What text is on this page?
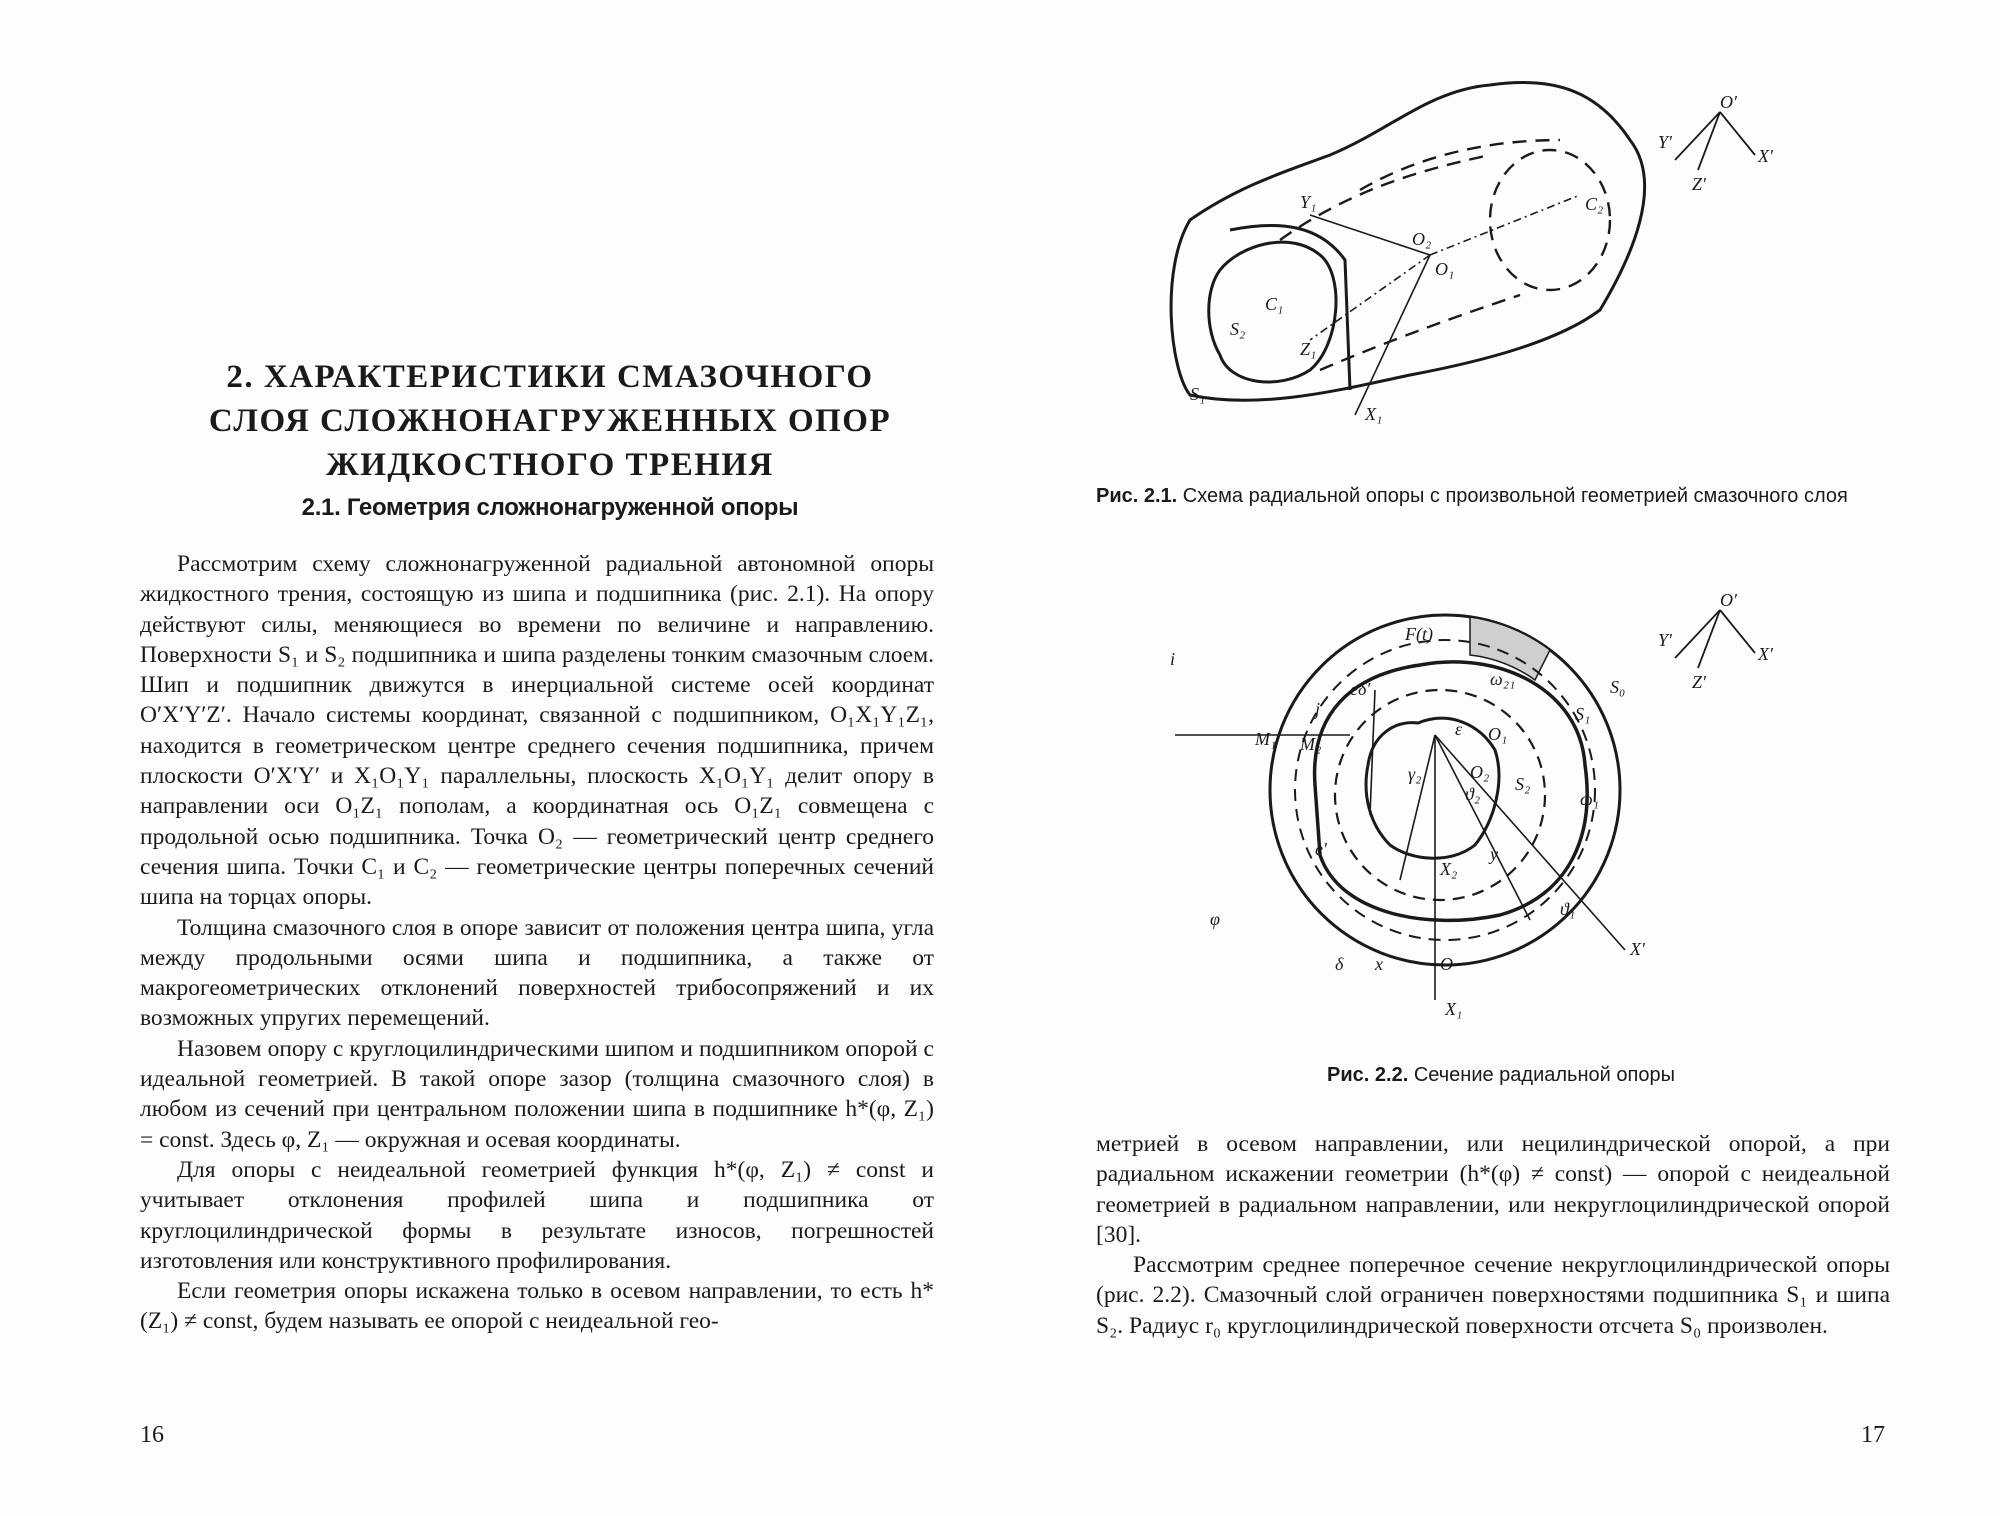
2. ХАРАКТЕРИСТИКИ СМАЗОЧНОГО
СЛОЯ СЛОЖНОНАГРУЖЕННЫХ ОПОР
ЖИДКОСТНОГО ТРЕНИЯ
2.1. Геометрия сложнонагруженной опоры

Рассмотрим схему сложнонагруженной радиальной автономной опоры жидкостного трения, состоящую из шипа и подшипника (рис. 2.1). На опору действуют силы, меняющиеся во времени по величине и направлению. Поверхности S₁ и S₂ подшипника и шипа разделены тонким смазочным слоем. Шип и подшипник движутся в инерциальной системе осей координат O′X′Y′Z′. Начало системы координат, связанной с подшипником, O₁X₁Y₁Z₁, находится в геометрическом центре среднего сечения подшипника, причем плоскости O′X′Y′ и X₁O₁Y₁ параллельны, плоскость X₁O₁Y₁ делит опору в направлении оси O₁Z₁ пополам, а координатная ось O₁Z₁ совмещена с продольной осью подшипника. Точка O₂ — геометрический центр среднего сечения шипа. Точки C₁ и C₂ — геометрические центры поперечных сечений шипа на торцах опоры.

Толщина смазочного слоя в опоре зависит от положения центра шипа, угла между продольными осями шипа и подшипника, а также от макрогеометрических отклонений поверхностей трибосопряжений и их возможных упругих перемещений.

Назовем опору с круглоцилиндрическими шипом и подшипником опорой с идеальной геометрией. В такой опоре зазор (толщина смазочного слоя) в любом из сечений при центральном положении шипа в подшипнике h*(φ, Z₁) = const. Здесь φ, Z₁ — окружная и осевая координаты.

Для опоры с неидеальной геометрией функция h*(φ, Z₁) ≠ const и учитывает отклонения профилей шипа и подшипника от круглоцилиндрической формы в результате износов, погрешностей изготовления или конструктивного профилирования.

Если геометрия опоры искажена только в осевом направлении, то есть h*(Z₁) ≠ const, будем называть ее опорой с неидеальной гео-

16
Y₁
O₂
O₁
C₁
C₂
S₂
Z₁
S₁
X₁
O′
Y′
X′
Z′
Рис. 2.1. Схема радиальной опоры с произвольной геометрией смазочного слоя
i
F(t)
eδ′	ω₂₁	S₀
S₁
M₁ M₂
j
ε O₁
γ₂	O₂
ϑ₂ S₂
ω₁
e′
X₂
y
ϑ₁
φ
X′
δ x	O
X₁
O′
Y′
X′
Z′
Рис. 2.2. Сечение радиальной опоры

метрией в осевом направлении, или нецилиндрической опорой, а при радиальном искажении геометрии (h*(φ) ≠ const) — опорой с неидеальной геометрией в радиальном направлении, или некруглоцилиндрической опорой [30].

Рассмотрим среднее поперечное сечение некруглоцилиндрической опоры (рис. 2.2). Смазочный слой ограничен поверхностями подшипника S₁ и шипа S₂. Радиус r₀ круглоцилиндрической поверхности отсчета S₀ произволен.

17
